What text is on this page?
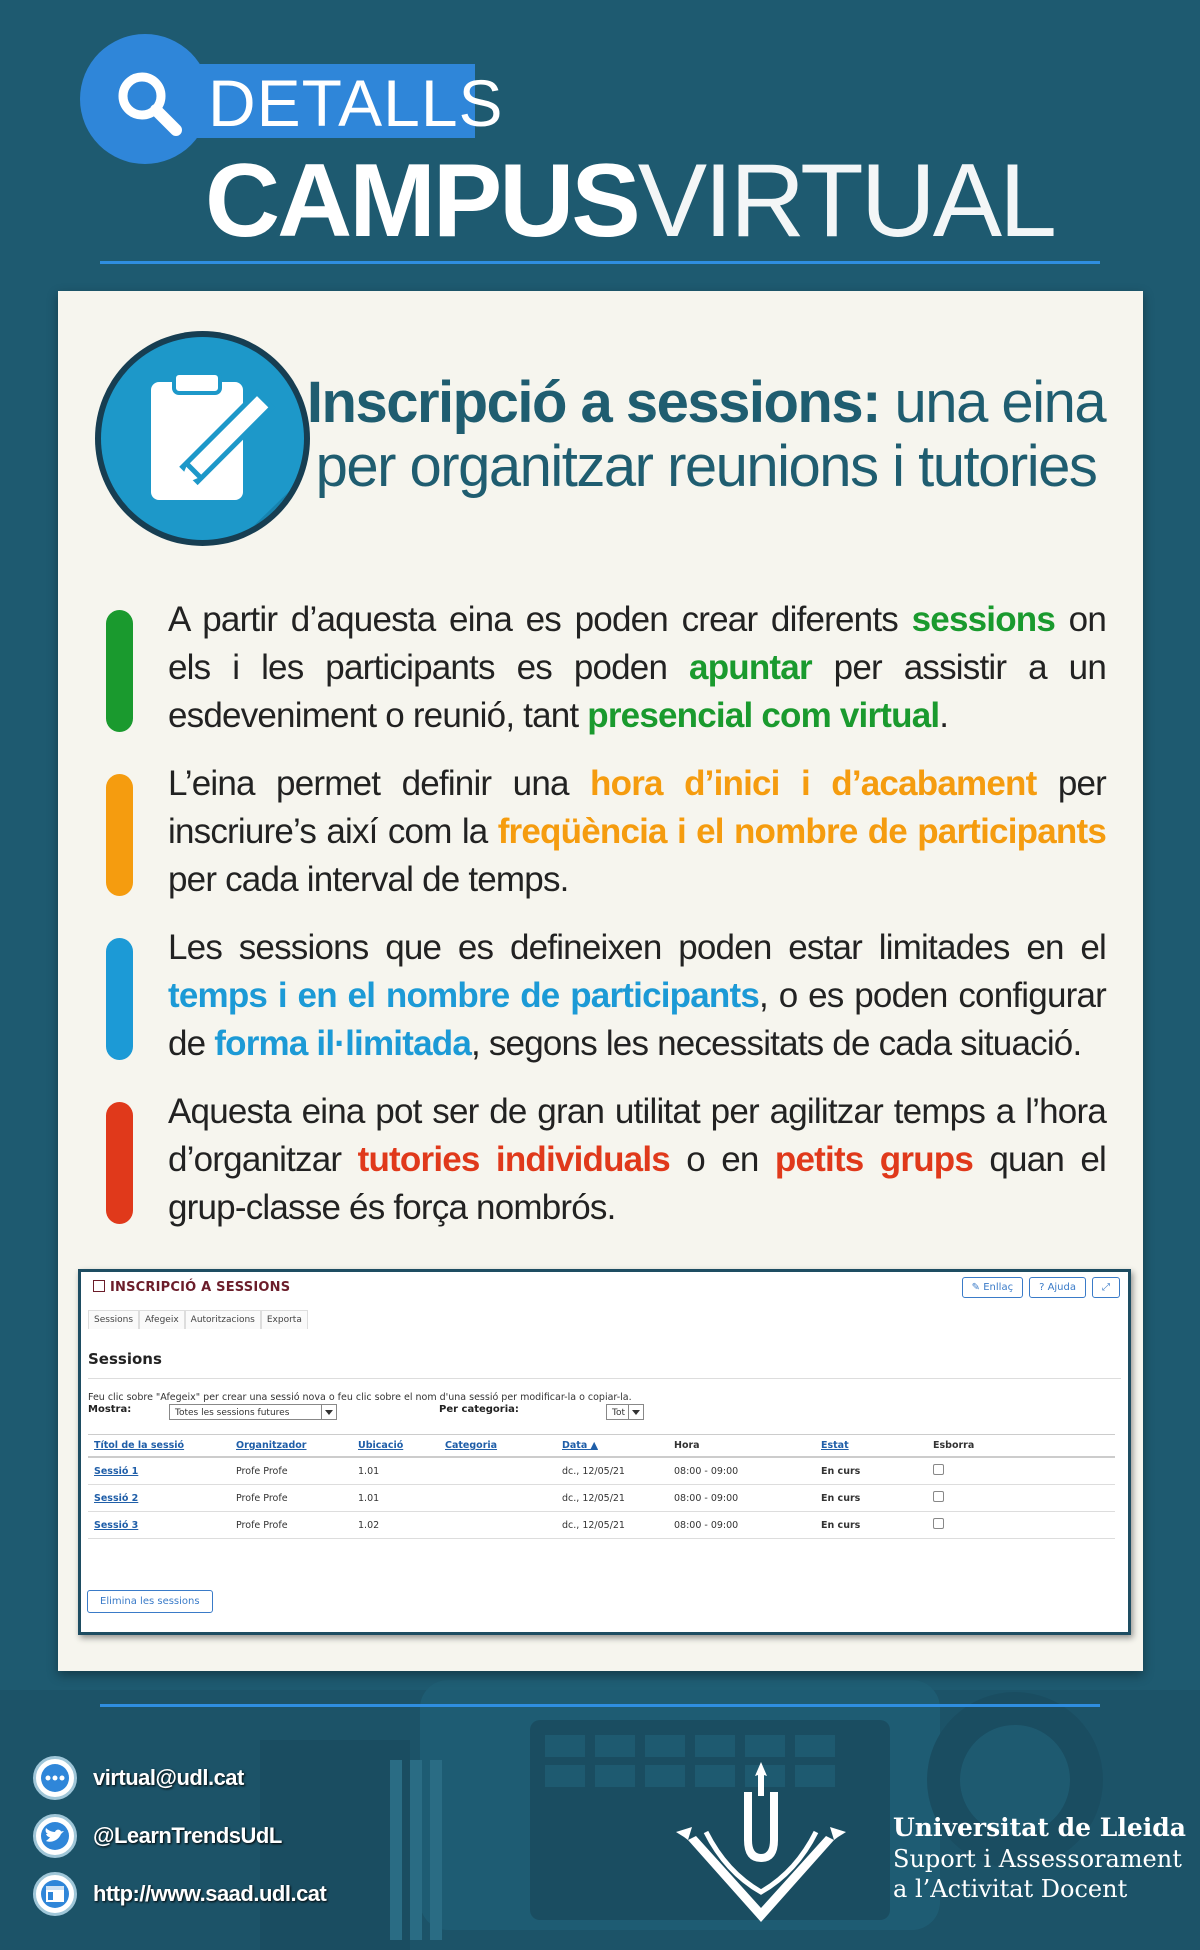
DETALLS
CAMPUSVIRTUAL
Inscripció a sessions: una eina
per organitzar reunions i tutories

A partir d’aquesta eina es poden crear diferents sessions on els i les participants es poden apuntar per assistir a un esdeveniment o reunió, tant presencial com virtual.

L’eina permet definir una hora d’inici i d’acabament per inscriure’s així com la freqüència i el nombre de participants per cada interval de temps.

Les sessions que es defineixen poden estar limitades en el temps i en el nombre de participants, o es poden configurar de forma il·limitada, segons les necessitats de cada situació.

Aquesta eina pot ser de gran utilitat per agilitzar temps a l’hora d’organitzar tutories individuals o en petits grups quan el grup-classe és força nombrós.

INSCRIPCIÓ A SESSIONS	✎ Enllaç	? Ajuda	⤢
Sessions	Afegeix	Autoritzacions	Exporta
Sessions
Feu clic sobre "Afegeix" per crear una sessió nova o feu clic sobre el nom d'una sessió per modificar-la o copiar-la.
Mostra:	Totes les sessions futures	Per categoria:	Tot
Títol de la sessió	Organitzador	Ubicació	Categoria	Data ▲	Hora	Estat	Esborra
Sessió 1	Profe Profe	1.01		dc., 12/05/21	08:00 - 09:00	En curs	
Sessió 2	Profe Profe	1.01		dc., 12/05/21	08:00 - 09:00	En curs	
Sessió 3	Profe Profe	1.02		dc., 12/05/21	08:00 - 09:00	En curs	
Elimina les sessions
virtual@udl.cat
@LearnTrendsUdL
http://www.saad.udl.cat
Universitat de Lleida
Suport i Assessorament
a l’Activitat Docent
